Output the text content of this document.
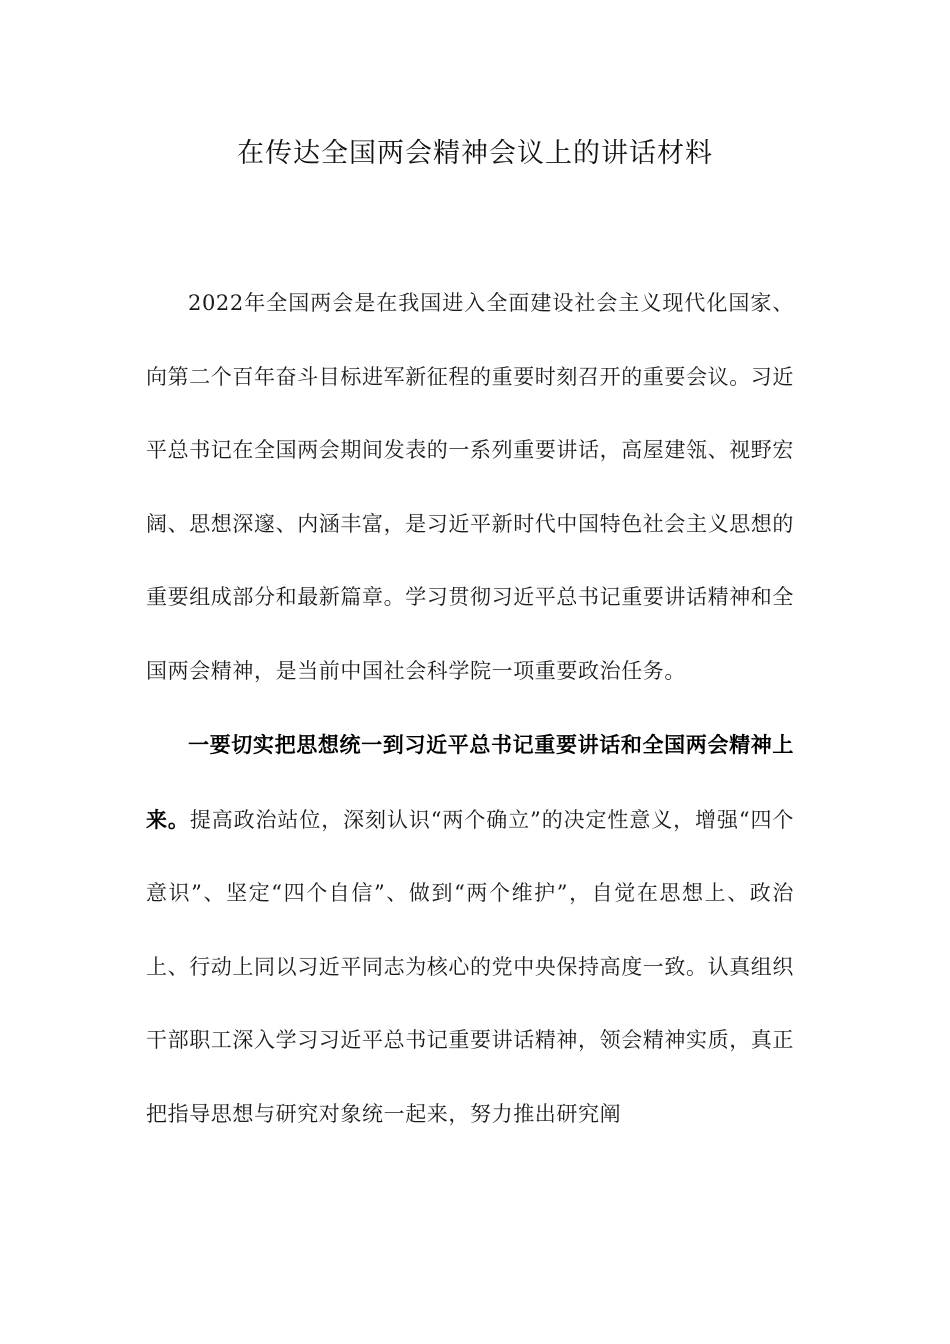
在传达全国两会精神会议上的讲话材料

2022年全国两会是在我国进入全面建设社会主义现代化国家、向第二个百年奋斗目标进军新征程的重要时刻召开的重要会议。习近平总书记在全国两会期间发表的一系列重要讲话，高屋建瓴、视野宏阔、思想深邃、内涵丰富，是习近平新时代中国特色社会主义思想的重要组成部分和最新篇章。学习贯彻习近平总书记重要讲话精神和全国两会精神，是当前中国社会科学院一项重要政治任务。

一要切实把思想统一到习近平总书记重要讲话和全国两会精神上来。提高政治站位，深刻认识“两个确立”的决定性意义，增强“四个意识”、坚定“四个自信”、做到“两个维护”，自觉在思想上、政治上、行动上同以习近平同志为核心的党中央保持高度一致。认真组织干部职工深入学习习近平总书记重要讲话精神，领会精神实质，真正把指导思想与研究对象统一起来，努力推出研究阐
